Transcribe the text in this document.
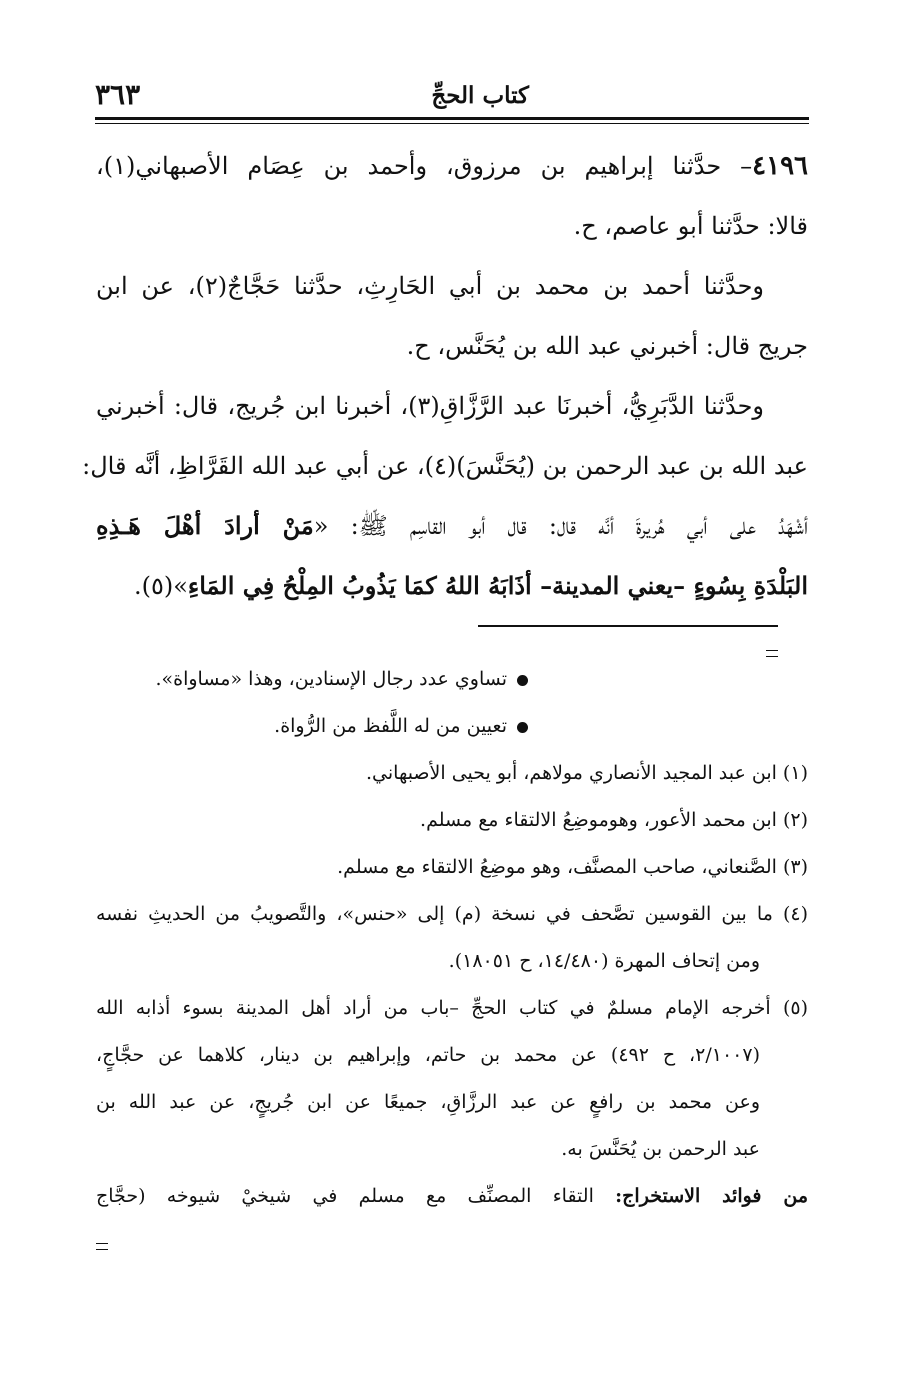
كتاب الحجِّ
٣٦٣
٤١٩٦– حدَّثنا إبراهيم بن مرزوق، وأحمد بن عِصَام الأصبهاني(١)،
قالا: حدَّثنا أبو عاصم، ح.
وحدَّثنا أحمد بن محمد بن أبي الحَارِثِ، حدَّثنا حَجَّاجٌ(٢)، عن ابن
جريج قال: أخبرني عبد الله بن يُحَنَّس، ح.
وحدَّثنا الدَّبَرِيُّ، أخبرنَا عبد الرَّزَّاقِ(٣)، أخبرنا ابن جُريج، قال: أخبرني
عبد الله بن عبد الرحمن بن (يُحَنَّسَ)(٤)، عن أبي عبد الله القَرَّاظِ، أنَّه قال:
أشْهَدُ على أبي هُريرةَ أنَّه قال: قال أبو القاسِم ﷺ: «مَنْ أرادَ أهْلَ هَـذِهِ
البَلْدَةِ بِسُوءٍ –يعني المدينة– أذَابَهُ اللهُ كمَا يَذُوبُ المِلْحُ فِي المَاءِ»(٥).
تساوي عدد رجال الإسنادين، وهذا «مساواة».
تعيين من له اللَّفظ من الرُّواة.
(١) ابن عبد المجيد الأنصاري مولاهم، أبو يحيى الأصبهاني.
(٢) ابن محمد الأعور، وهوموضِعُ الالتقاء مع مسلم.
(٣) الصَّنعاني، صاحب المصنَّف، وهو موضِعُ الالتقاء مع مسلم.
(٤) ما بين القوسين تصَّحف في نسخة (م) إلى «حنس»، والتَّصويبُ من الحديثِ نفسه
ومن إتحاف المهرة (١٤/٤٨٠، ح ١٨٠٥١).
(٥) أخرجه الإمام مسلمٌ في كتاب الحجِّ –باب من أراد أهل المدينة بسوء أذابه الله
(٢/١٠٠٧، ح ٤٩٢) عن محمد بن حاتم، وإبراهيم بن دينار، كلاهما عن حجَّاجٍ،
وعن محمد بن رافعٍ عن عبد الرزَّاقِ، جميعًا عن ابن جُريجٍ، عن عبد الله بن
عبد الرحمن بن يُحَنَّسَ به.
من فوائد الاستخراج: التقاء المصنِّف مع مسلم في شيخيْ شيوخه (حجَّاج
